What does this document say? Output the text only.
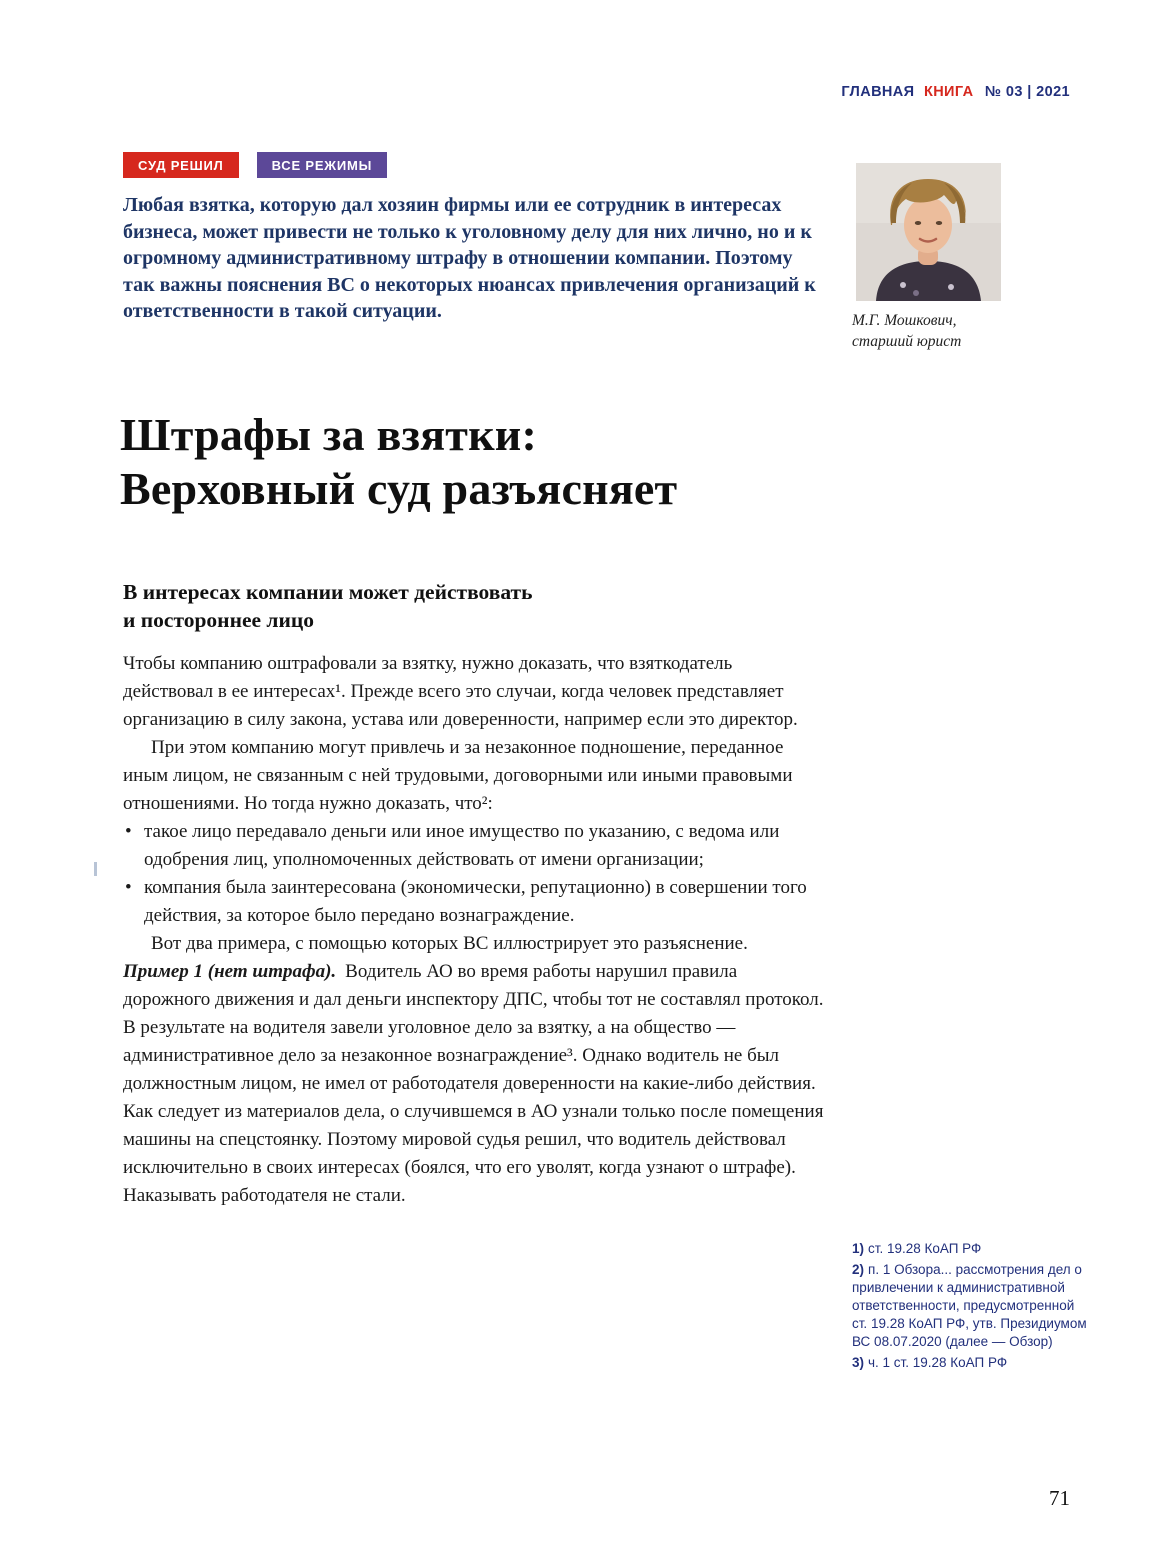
ГЛАВНАЯ КНИГА № 03 | 2021
СУД РЕШИЛ	ВСЕ РЕЖИМЫ
Любая взятка, которую дал хозяин фирмы или ее сотрудник в интересах бизнеса, может привести не только к уголовному делу для них лично, но и к огромному административному штрафу в отношении компании. Поэтому так важны пояснения ВС о некоторых нюансах привлечения организаций к ответственности в такой ситуации.	М.Г. Мошкович,
старший юрист
Штрафы за взятки:
Верховный суд разъясняет
В интересах компании может действовать
и постороннее лицо

Чтобы компанию оштрафовали за взятку, нужно доказать, что взяткодатель действовал в ее интересах¹. Прежде всего это случаи, когда человек представляет организацию в силу закона, устава или доверенности, например если это директор.

При этом компанию могут привлечь и за незаконное подношение, переданное иным лицом, не связанным с ней трудовыми, договорными или иными правовыми отношениями. Но тогда нужно доказать, что²:

• такое лицо передавало деньги или иное имущество по указанию, с ведома или одобрения лиц, уполномоченных действовать от имени организации;
• компания была заинтересована (экономически, репутационно) в совершении того действия, за которое было передано вознаграждение.

Вот два примера, с помощью которых ВС иллюстрирует это разъяснение.

Пример 1 (нет штрафа). Водитель АО во время работы нарушил правила дорожного движения и дал деньги инспектору ДПС, чтобы тот не составлял протокол. В результате на водителя завели уголовное дело за взятку, а на общество — административное дело за незаконное вознаграждение³. Однако водитель не был должностным лицом, не имел от работодателя доверенности на какие-либо действия. Как следует из материалов дела, о случившемся в АО узнали только после помещения машины на спецстоянку. Поэтому мировой судья решил, что водитель действовал исключительно в своих интересах (боялся, что его уволят, когда узнают о штрафе). Наказывать работодателя не стали.

1) ст. 19.28 КоАП РФ
2) п. 1 Обзора... рассмотрения дел о привлечении к административной ответственности, предусмотренной ст. 19.28 КоАП РФ, утв. Президиумом ВС 08.07.2020 (далее — Обзор)
3) ч. 1 ст. 19.28 КоАП РФ
71
